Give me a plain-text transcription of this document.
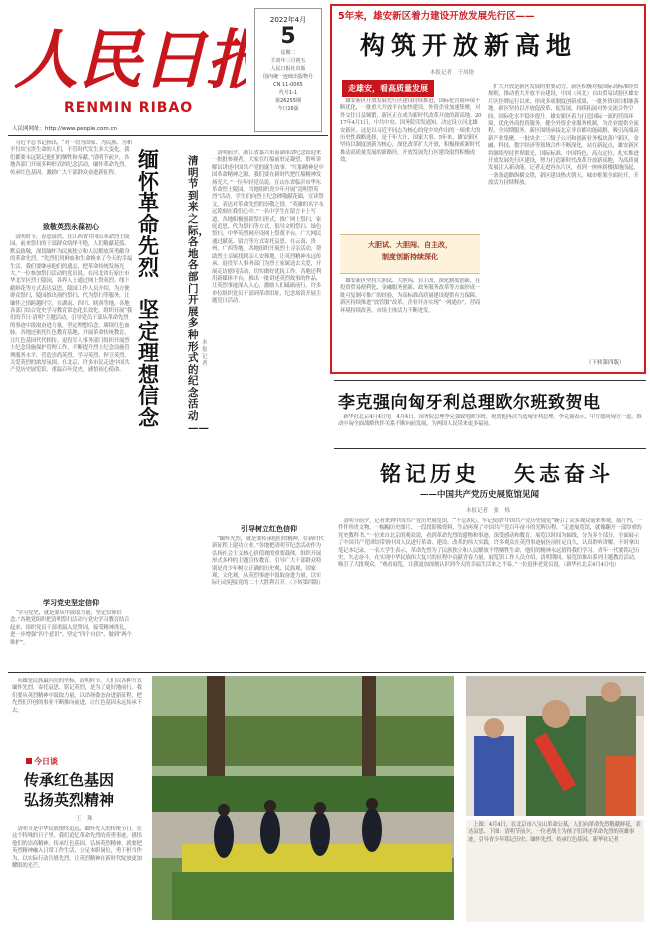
人民日报
RENMIN RIBAO
人民网网址：http://www.people.com.cn
2022年4月
5
星期二
壬寅年三月初五
人民日报社出版
国内统一连续出版物号
CN 11-0065
代号1-1
第26255期
今日16版
5年来，雄安新区着力建设开放发展先行区——
构筑开放新高地
本报记者　于凤艳
走雄安，看高质量发展
　雄安新区开放发展先行区建设持续推进，国际化营商环境不断优化，一批重大开放平台加快建设，外资企业加速集聚，对外交往日益频繁，新区正在成为新时代改革开放的新高地。2017年4月1日，中共中央、国务院印发通知，决定设立河北雄安新区。这是以习近平同志为核心的党中央作出的一项重大的历史性战略选择，是千年大计、国家大事。5年来，雄安新区坚持以制度创新为核心，深化改革扩大开放，积极探索新时代推动高质量发展的新路径，开放发展先行区建设取得积极成效。
大胆试、大胆闯、自主改，
制度创新持续深化
　雄安新区坚持大胆试、大胆闯、自主改，深化制度创新，在投资贸易便利化、金融服务创新、政务服务改革等方面形成一批可复制可推广的经验，为高标准高质量建设提供有力保障。新区持续推进“放管服”改革，企业开办实现“一网通办”，营商环境持续改善，市场主体活力不断迸发。
　扩大开放是新区发展的重要动力。新区积极对接国际高标准经贸规则，推动重大开放平台建设，中国（河北）自由贸易试验区雄安片区挂牌运行以来，形成多项制度创新成果，一批外资项目相继落地。新区坚持以开放促改革、促发展，持续拓展对外交流合作空间，国际化水平稳步提升。雄安新区着力打造国际一流的营商环境，优化外商投资服务，健全外资企业服务机制，为企业提供全流程、全周期服务。新区围绕承接北京非首都功能疏解，吸引高端高新产业集聚，一批央企二三级子公司和创新业务板块落户新区，金融、科技、数字经济等领域合作不断深化。站在新起点，雄安新区将继续坚持世界眼光、国际标准、中国特色、高点定位，扎实推进开放发展先行区建设，努力打造新时代改革开放新高地，为高质量发展注入新动能。记者走进容东片区，看到一座座新楼拔地而起，一条条道路纵横交错，新区建设热火朝天，城市框架全面拉开，开放活力持续释放。
（下转第四版）
　习近平总书记指出，“对一切为国家、为民族、为和平付出宝贵生命的人们，不管时代发生多大变化，我们都要永远铭记他们的牺牲和奉献。”清明节前夕，各地各部门开展多种形式的纪念活动，缅怀革命先烈，传承红色基因，激励广大干部群众奋进新征程。
致敬英烈永葆初心
　清明时节，春意盎然。在江西省井冈山革命烈士陵园，前来祭扫的干部群众络绎不绝，人们敬献花篮、默哀致敬，深切缅怀为民族独立和人民解放英勇献身的革命先烈。“先烈们用鲜血和生命换来了今天的幸福生活，我们要继承他们的遗志，把革命传统发扬光大。”一位参加祭扫活动的党员说。在河北省石家庄市华北军区烈士陵园，各界人士通过网上祭英烈、线下献鲜花等方式表达哀思。陵园工作人员介绍，为方便群众祭扫，陵园推出预约祭扫、代为祭扫等服务，让缅怀之情跨越时空。在湖南、四川、陕西等地，各地各部门结合党史学习教育常态化长效化，组织开展“我们的节日·清明”主题活动，引导党员干部从革命先烈的事迹中汲取奋进力量，坚定理想信念，赓续红色血脉。各地还依托红色教育基地，开展革命传统教育，让红色基因代代相传。退役军人事务部门组织开展烈士纪念设施保护管理工作，不断提升烈士纪念设施管理服务水平，营造崇尚英烈、学习英烈、捍卫英烈、关爱英烈的浓厚氛围。在北京，许多市民走进中国共产党历史展览馆，重温百年党史，感悟初心使命。
学习党史坚定信仰
　“学习党史，就是要从中汲取力量，坚定信仰信念。”各地党组织把清明祭扫活动与党史学习教育结合起来，组织党员干部重温入党誓词，接受精神洗礼，进一步增强“四个意识”、坚定“四个自信”、做到“两个维护”。
缅怀革命先烈
坚定理想信念
清明节到来之际，各地各部门开展多种形式的纪念活动——
本报记者
　清明前夕，浙江省嘉兴市南湖革命纪念馆迎来一批批参观者。大家在红船前驻足凝望，聆听讲解员讲述中国共产党的诞生故事。“红船精神是中国革命精神之源，我们要在新时代把红船精神发扬光大。”一位年轻党员说。在山东省临沂市华东革命烈士陵园，当地组织青少年开展“清明祭英烈”活动，学生们向烈士纪念碑敬献花圈，宣读祭文，表达对革命先烈的崇敬之情。“英雄的名字永远铭刻在我们心中。”一名中学生在留言卡上写道。各地积极创新祭扫形式，推广网上祭扫、家庭追思、代为祭扫等方式，倡导文明祭扫、绿色祭扫。中华英烈网开设网上祭奠平台，广大网民通过献花、留言等方式寄托哀思。在云南、贵州、广西等地，各地组织开展烈士寻亲活动，帮助烈士亲属找到亲人安葬地，让英烈精神永远传承。退役军人事务部门为烈士家属送去关爱，开展走访慰问活动，切实做好优抚工作。各地还利用新媒体平台，推出一批讲述英烈故事的作品，让英烈事迹深入人心，激励人们砥砺前行。许多单位组织党员干部到革命旧址、纪念场馆开展主题党日活动。
引导树立红色信仰
　“缅怀先烈，就是要传承他们的精神，在新时代新征程上建功立业。”各地把清明节纪念活动作为弘扬社会主义核心价值观的重要载体，组织开展形式多样的主题宣传教育，引导广大干部群众特别是青少年树立正确的历史观、民族观、国家观、文化观，从英烈事迹中汲取奋进力量，以实际行动迎接党的二十大胜利召开。（下转第四版）
李克强向匈牙利总理欧尔班致贺电
　新华社北京4月4日电　4月4日，国务院总理李克强致电欧尔班，祝贺他再次当选匈牙利总理。李克强表示，中方愿同匈方一道，推动中匈全面战略伙伴关系不断向前发展，为两国人民带来更多福祉。
铭记历史 矢志奋斗
——中国共产党历史展览馆见闻
本报记者　张　烁
　清明节前夕，记者来到中国共产党历史展览馆，“‘不忘初心、牢记使命’中国共产党历史展览”吸引了众多观众前来参观。展厅内，一件件珍贵文物、一幅幅历史图片、一段段影像资料，生动再现了中国共产党百年奋斗的光辉历程。“走进展览馆，就像翻开一部厚重的党史教科书。”一位来自北京的观众说，看到革命先烈的遗物和事迹，深受感动和教育。展览以时间为轴线，分为多个部分，全面展示了中国共产党团结带领中国人民进行革命、建设、改革的伟大实践。许多观众在英烈事迹展区前驻足良久，认真聆听讲解，不时拿出笔记本记录。一名大学生表示，革命先烈为了民族独立和人民解放不惜牺牲生命，他们的精神永远值得我们学习。青年一代要铭记历史、矢志奋斗，在实现中华民族伟大复兴的征程中贡献青春力量。展览馆工作人员介绍，清明期间，展览馆推出系列主题教育活动，吸引了大批观众。“观看展览，让我更加深刻认识到今天的幸福生活来之不易。”一位退休老党员说。（新华社北京4月4日电）
　英雄是民族最闪亮的坐标。清明时节，人们以各种方式缅怀先烈、寄托哀思。铭记英烈，是为了更好地前行。我们要从英烈精神中汲取力量，以昂扬姿态奋进新征程，把先烈们开创的事业不断推向前进，让红色基因永远传承下去。
今日谈
传承红色基因
弘扬英烈精神
王　珠
　清明节是中华民族慎终追远、缅怀先人的传统节日。在这个特殊的日子里，我们追忆革命先烈的英勇事迹，感悟他们的崇高精神。传承红色基因、弘扬英烈精神，就要把英烈精神融入日常工作生活，立足本职岗位，勇于担当作为，以实际行动告慰先烈，让英烈精神在新时代绽放更加耀眼的光芒。
　上图：4月4日，在北京市八宝山革命公墓，人们向革命先烈敬献鲜花，表达哀思。下图：清明节前夕，一位老战士为孩子们讲述革命先烈的英雄事迹，引导青少年铭记历史、缅怀先烈、传承红色基因。新华社记者
